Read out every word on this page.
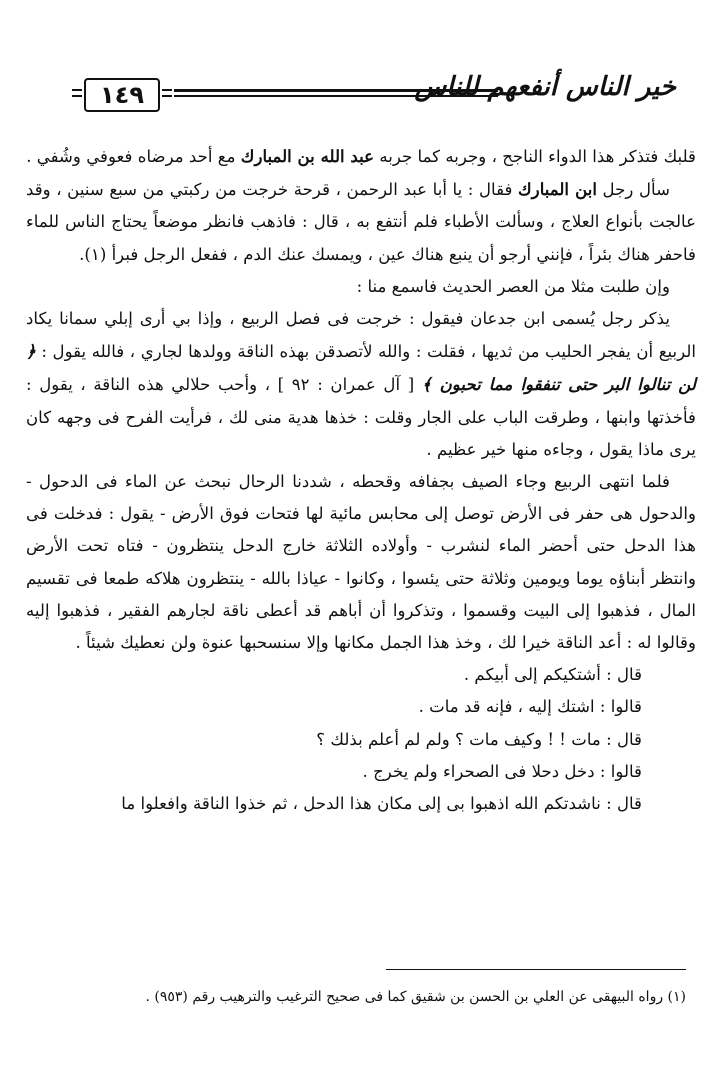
١٤٩	خير الناس أنفعهم للناس

قلبك فتذكر هذا الدواء الناجح ، وجربه كما جربه عبد الله بن المبارك مع أحد مرضاه فعوفي وشُفي .

سأل رجل ابن المبارك فقال : يا أبا عبد الرحمن ، قرحة خرجت من ركبتي من سبع سنين ، وقد عالجت بأنواع العلاج ، وسألت الأطباء فلم أنتفع به ، قال : فاذهب فانظر موضعاً يحتاج الناس للماء فاحفر هناك بئراً ، فإنني أرجو أن ينبع هناك عين ، ويمسك عنك الدم ، ففعل الرجل فبرأ (١).

وإن طلبت مثلا من العصر الحديث فاسمع منا :

يذكر رجل يُسمى ابن جدعان فيقول : خرجت فى فصل الربيع ، وإذا بي أرى إبلي سمانا يكاد الربيع أن يفجر الحليب من ثديها ، فقلت : والله لأتصدقن بهذه الناقة وولدها لجاري ، فالله يقول : ﴿ لن تنالوا البر حتى تنفقوا مما تحبون ﴾ [ آل عمران : ٩٢ ] ، وأحب حلالي هذه الناقة ، يقول : فأخذتها وابنها ، وطرقت الباب على الجار وقلت : خذها هدية منى لك ، فرأيت الفرح فى وجهه كان يرى ماذا يقول ، وجاءه منها خير عظيم .

فلما انتهى الربيع وجاء الصيف بجفافه وقحطه ، شددنا الرحال نبحث عن الماء فى الدحول - والدحول هى حفر فى الأرض توصل إلى محابس مائية لها فتحات فوق الأرض - يقول : فدخلت فى هذا الدحل حتى أحضر الماء لنشرب - وأولاده الثلاثة خارج الدحل ينتظرون - فتاه تحت الأرض وانتظر أبناؤه يوما ويومين وثلاثة حتى يئسوا ، وكانوا - عياذا بالله - ينتظرون هلاكه طمعا فى تقسيم المال ، فذهبوا إلى البيت وقسموا ، وتذكروا أن أباهم قد أعطى ناقة لجارهم الفقير ، فذهبوا إليه وقالوا له : أعد الناقة خيرا لك ، وخذ هذا الجمل مكانها وإلا سنسحبها عنوة ولن نعطيك شيئاً .

قال : أشتكيكم إلى أبيكم .

قالوا : اشتك إليه ، فإنه قد مات .

قال : مات ! ! وكيف مات ؟ ولم لم أعلم بذلك ؟

قالوا : دخل دحلا فى الصحراء ولم يخرج .

قال : ناشدتكم الله اذهبوا بى إلى مكان هذا الدحل ، ثم خذوا الناقة وافعلوا ما

(١) رواه البيهقى عن العلي بن الحسن بن شقيق كما فى صحيح الترغيب والترهيب رقم (٩٥٣) .
